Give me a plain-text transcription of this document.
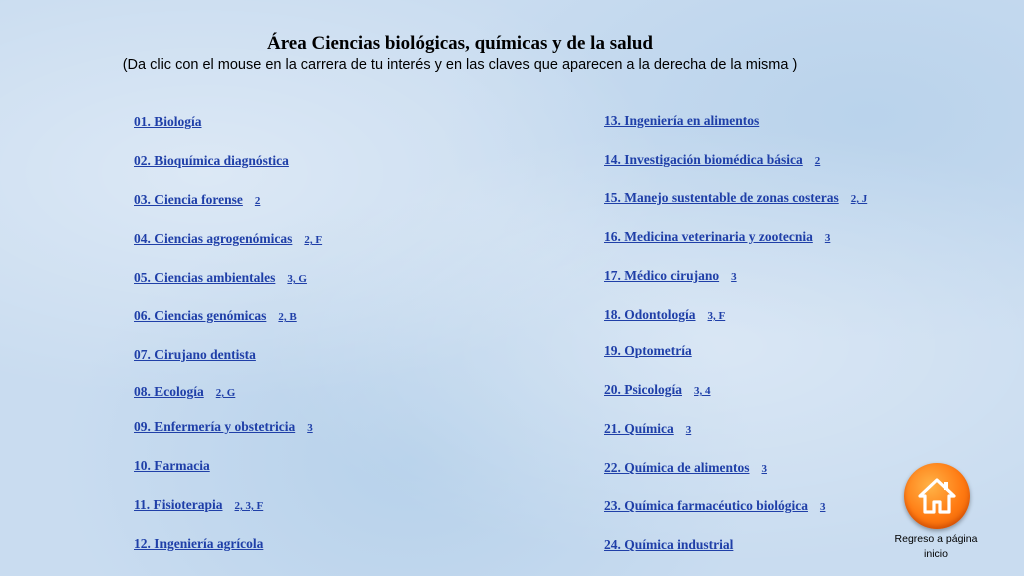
Área Ciencias biológicas, químicas y de la salud
(Da clic con el mouse en la carrera de tu interés y en las claves que aparecen a la derecha de la misma )
01. Biología
02. Bioquímica diagnóstica
03. Ciencia forense 2
04. Ciencias agrogenómicas 2, F
05. Ciencias ambientales 3, G
06. Ciencias genómicas 2, B
07. Cirujano dentista
08. Ecología 2, G
09. Enfermería y obstetricia 3
10. Farmacia
11. Fisioterapia 2, 3, F
12. Ingeniería agrícola
13. Ingeniería en alimentos
14. Investigación biomédica básica 2
15. Manejo sustentable de zonas costeras 2, J
16. Medicina veterinaria y zootecnia 3
17. Médico cirujano 3
18. Odontología 3, F
19. Optometría
20. Psicología 3, 4
21. Química 3
22. Química de alimentos 3
23. Química farmacéutico biológica 3
24. Química industrial	Regreso a página
inicio
